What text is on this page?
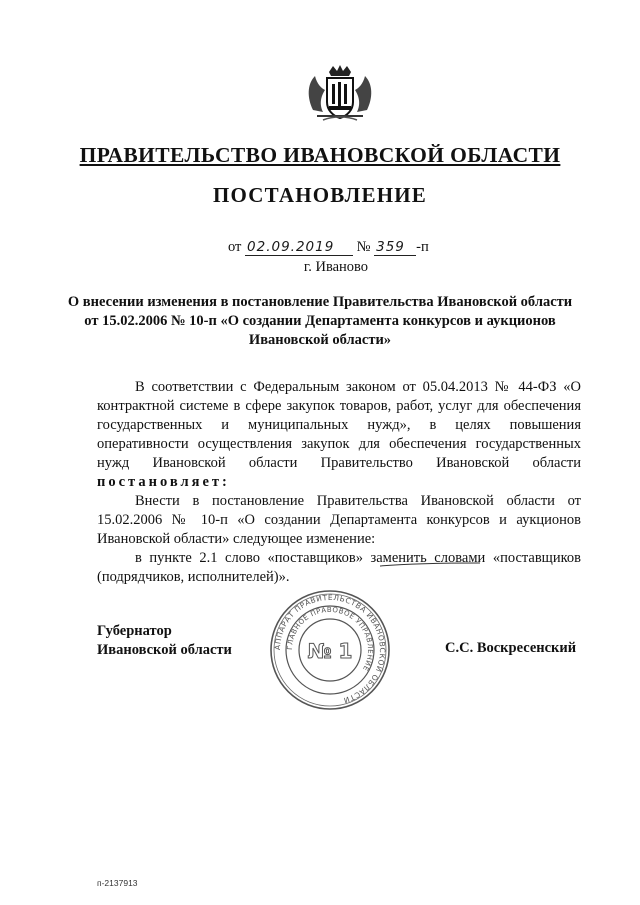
ПРАВИТЕЛЬСТВО ИВАНОВСКОЙ ОБЛАСТИ
ПОСТАНОВЛЕНИЕ
от 02.09.2019 № 359 -п
г. Иваново
О внесении изменения в постановление Правительства Ивановской области от 15.02.2006 № 10-п «О создании Департамента конкурсов и аукционов Ивановской области»

В соответствии с Федеральным законом от 05.04.2013 № 44-ФЗ «О контрактной системе в сфере закупок товаров, работ, услуг для обеспечения государственных и муниципальных нужд», в целях повышения оперативности осуществления закупок для обеспечения государственных нужд Ивановской области Правительство Ивановской области постановляет:

Внести в постановление Правительства Ивановской области от 15.02.2006 № 10-п «О создании Департамента конкурсов и аукционов Ивановской области» следующее изменение:

в пункте 2.1 слово «поставщиков» заменить словами «поставщиков (подрядчиков, исполнителей)».

Губернатор
Ивановской области	С.С. Воскресенский
АППАРАТ ПРАВИТЕЛЬСТВА ИВАНОВСКОЙ ОБЛАСТИ
ГЛАВНОЕ ПРАВОВОЕ УПРАВЛЕНИЕ
№ 1
п-2137913
